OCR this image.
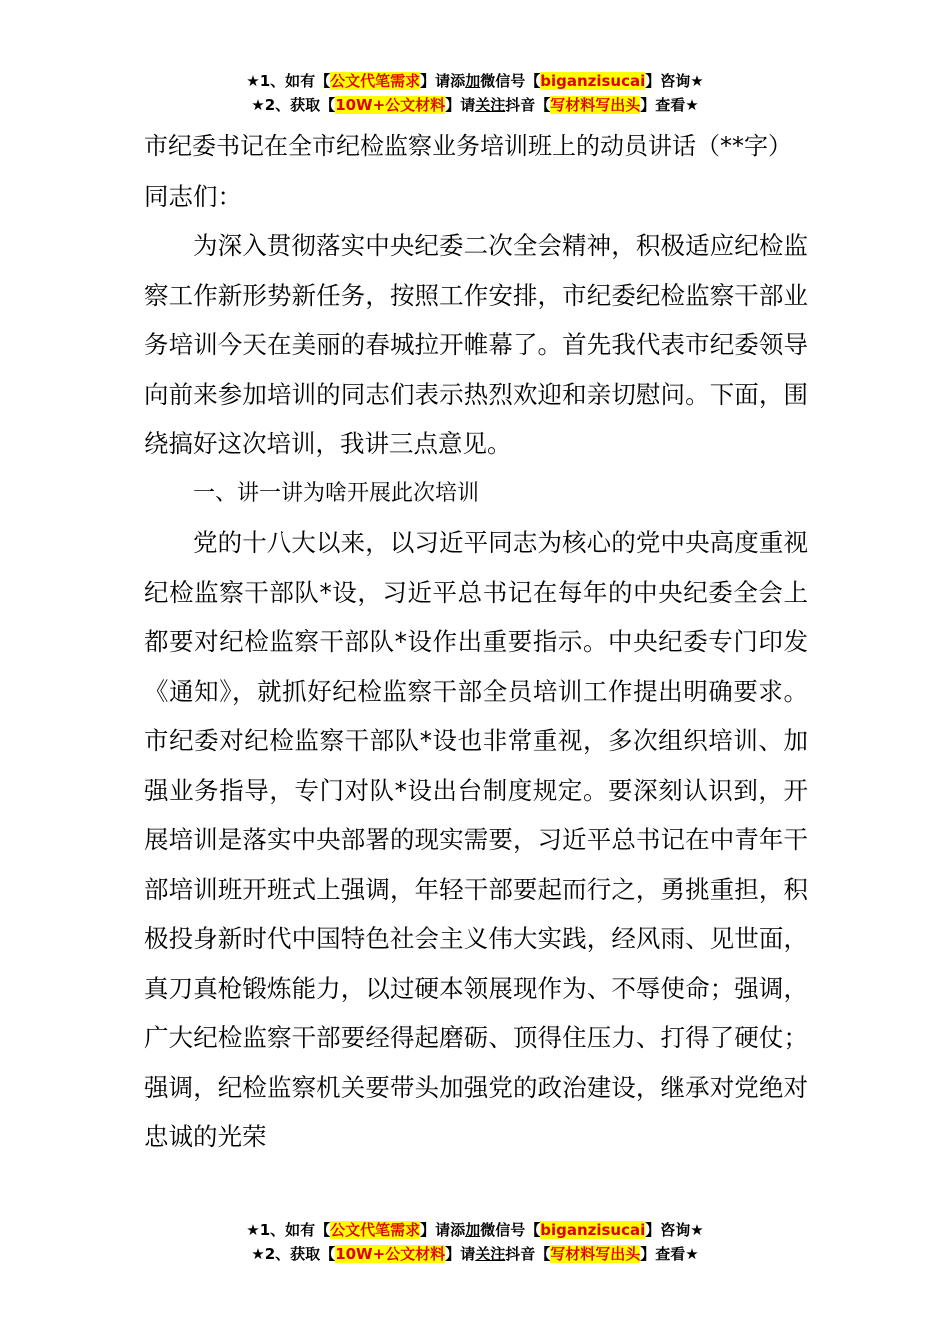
★1、如有【公文代笔需求】请添加微信号【biganzisucai】咨询★
★2、获取【10W+公文材料】请关注抖音【写材料写出头】查看★

市纪委书记在全市纪检监察业务培训班上的动员讲话（**字）

同志们：

为深入贯彻落实中央纪委二次全会精神，积极适应纪检监察工作新形势新任务，按照工作安排，市纪委纪检监察干部业务培训今天在美丽的春城拉开帷幕了。首先我代表市纪委领导向前来参加培训的同志们表示热烈欢迎和亲切慰问。下面，围绕搞好这次培训，我讲三点意见。

一、讲一讲为啥开展此次培训

党的十八大以来，以习近平同志为核心的党中央高度重视纪检监察干部队*设，习近平总书记在每年的中央纪委全会上都要对纪检监察干部队*设作出重要指示。中央纪委专门印发《通知》，就抓好纪检监察干部全员培训工作提出明确要求。市纪委对纪检监察干部队*设也非常重视，多次组织培训、加强业务指导，专门对队*设出台制度规定。要深刻认识到，开展培训是落实中央部署的现实需要，习近平总书记在中青年干部培训班开班式上强调，年轻干部要起而行之，勇挑重担，积极投身新时代中国特色社会主义伟大实践，经风雨、见世面，真刀真枪锻炼能力，以过硬本领展现作为、不辱使命；强调，广大纪检监察干部要经得起磨砺、顶得住压力、打得了硬仗；强调，纪检监察机关要带头加强党的政治建设，继承对党绝对忠诚的光荣

★1、如有【公文代笔需求】请添加微信号【biganzisucai】咨询★
★2、获取【10W+公文材料】请关注抖音【写材料写出头】查看★
